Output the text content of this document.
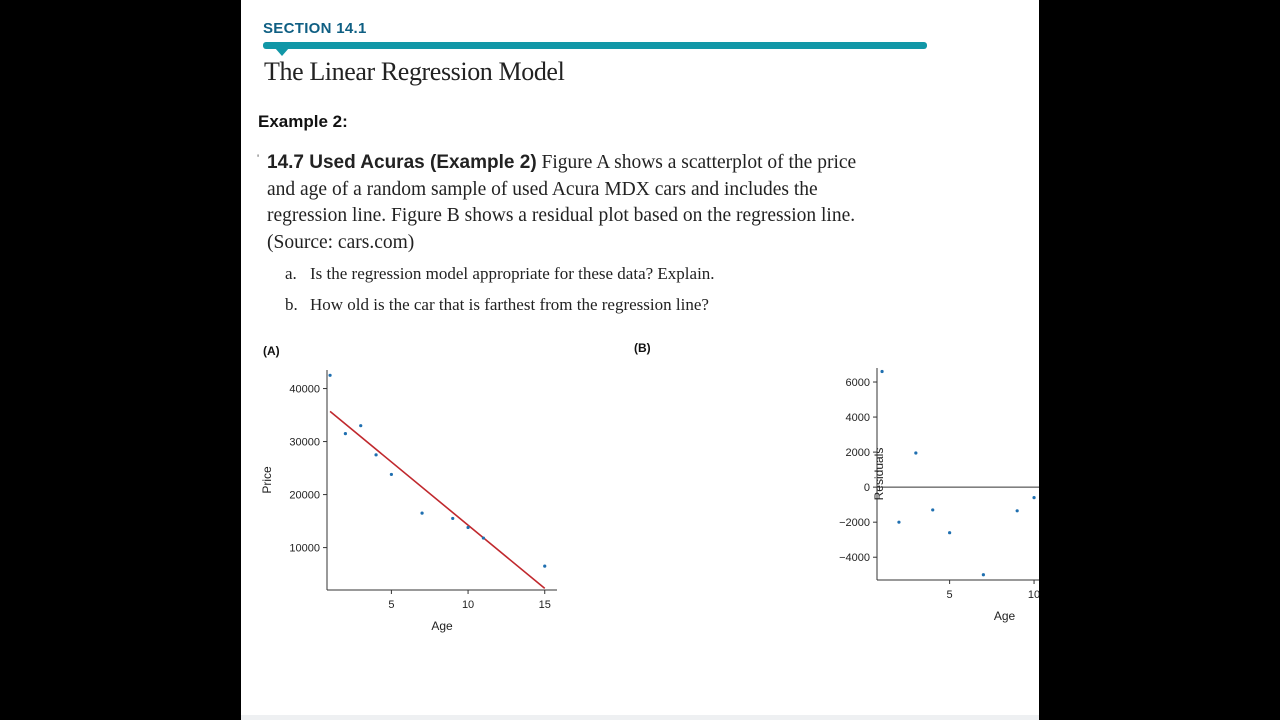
SECTION 14.1
The Linear Regression Model
Example 2:
' 14.7 Used Acuras (Example 2) Figure A shows a scatterplot of the price and age of a random sample of used Acura MDX cars and includes the regression line. Figure B shows a residual plot based on the regression line. (Source: cars.com)
a. Is the regression model appropriate for these data? Explain.
b. How old is the car that is farthest from the regression line?
(A)	(B)
10000
20000
30000
40000
5	10	15
Age
Price
−4000
−2000
0
2000
4000
6000
5	10	15
Age
Residuals
